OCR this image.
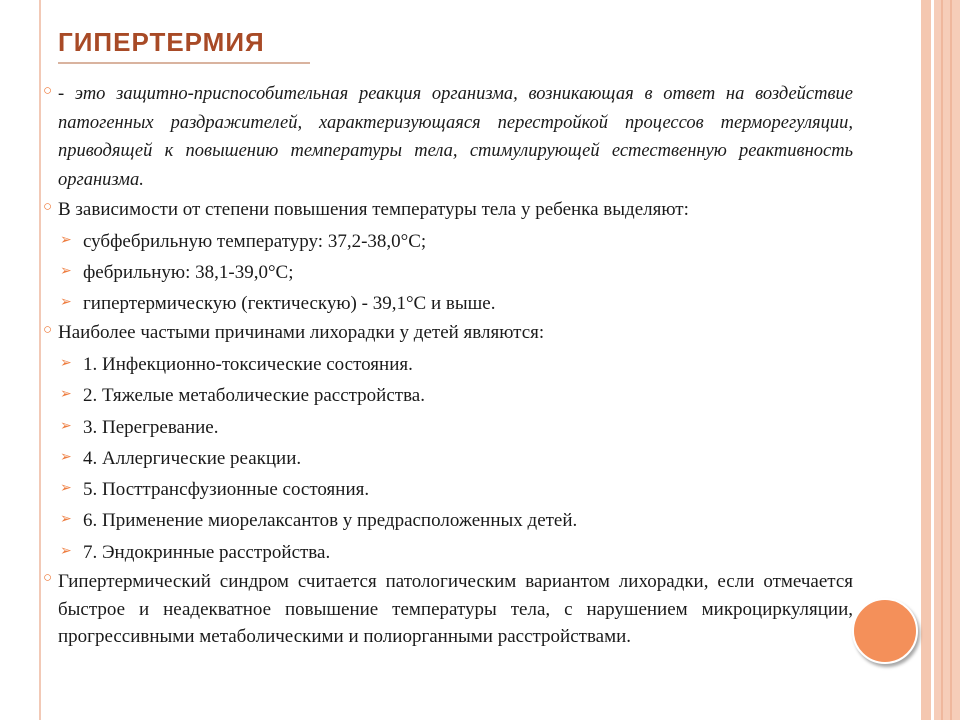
ГИПЕРТЕРМИЯ
○ - это защитно-приспособительная реакция организма, возникающая в ответ на воздействие патогенных раздражителей, характеризующаяся перестройкой процессов терморегуляции, приводящей к повышению температуры тела, стимулирующей естественную реактивность организма.
○ В зависимости от степени повышения температуры тела у ребенка выделяют:
➢ субфебрильную температуру: 37,2-38,0°С;
➢ фебрильную: 38,1-39,0°С;
➢ гипертермическую (гектическую) - 39,1°С и выше.
○ Наиболее частыми причинами лихорадки у детей являются:
➢ 1. Инфекционно-токсические состояния.
➢ 2. Тяжелые метаболические расстройства.
➢ 3. Перегревание.
➢ 4. Аллергические реакции.
➢ 5. Посттрансфузионные состояния.
➢ 6. Применение миорелаксантов у предрасположенных детей.
➢ 7. Эндокринные расстройства.
○ Гипертермический синдром считается патологическим вариантом лихорадки, если отмечается быстрое и неадекватное повышение температуры тела, с нарушением микроциркуляции, прогрессивными метаболическими и полиорганными расстройствами.
